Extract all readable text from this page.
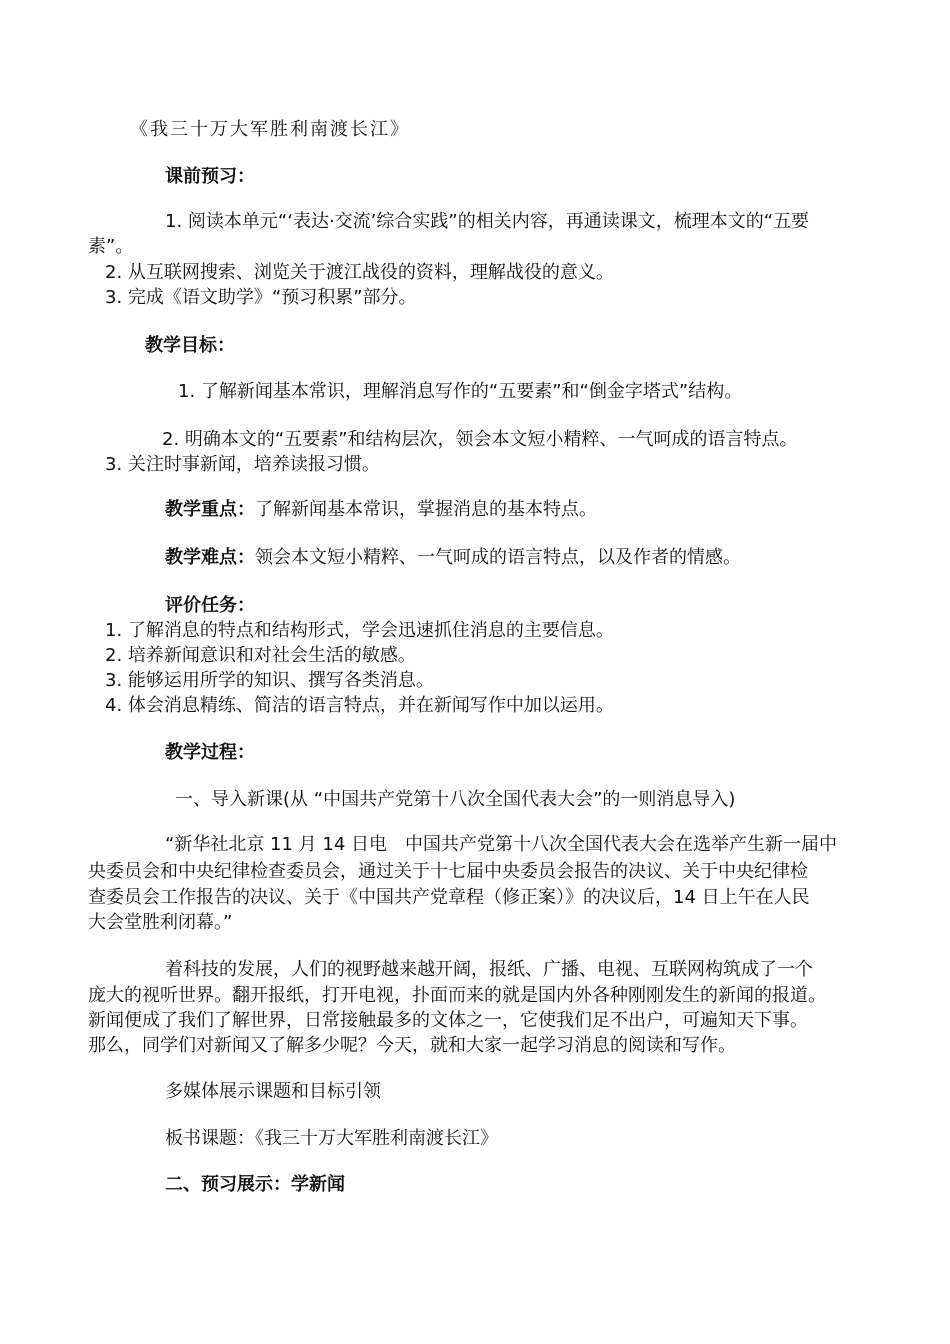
《我三十万大军胜利南渡长江》
课前预习：
1. 阅读本单元“‘表达·交流’综合实践”的相关内容，再通读课文，梳理本文的“五要
素”。
2. 从互联网搜索、浏览关于渡江战役的资料，理解战役的意义。
3. 完成《语文助学》“预习积累”部分。
教学目标：
1. 了解新闻基本常识，理解消息写作的“五要素”和“倒金字塔式”结构。
2. 明确本文的“五要素”和结构层次，领会本文短小精粹、一气呵成的语言特点。
3. 关注时事新闻，培养读报习惯。
教学重点：了解新闻基本常识，掌握消息的基本特点。
教学难点：领会本文短小精粹、一气呵成的语言特点，以及作者的情感。
评价任务：
1. 了解消息的特点和结构形式，学会迅速抓住消息的主要信息。
2. 培养新闻意识和对社会生活的敏感。
3. 能够运用所学的知识、撰写各类消息。
4. 体会消息精练、简洁的语言特点，并在新闻写作中加以运用。
教学过程：
一、导入新课(从 “中国共产党第十八次全国代表大会”的一则消息导入)
“新华社北京 11 月 14 日电　中国共产党第十八次全国代表大会在选举产生新一届中
央委员会和中央纪律检查委员会，通过关于十七届中央委员会报告的决议、关于中央纪律检
查委员会工作报告的决议、关于《中国共产党章程（修正案）》的决议后，14 日上午在人民
大会堂胜利闭幕。”
着科技的发展，人们的视野越来越开阔，报纸、广播、电视、互联网构筑成了一个
庞大的视听世界。翻开报纸，打开电视，扑面而来的就是国内外各种刚刚发生的新闻的报道。
新闻便成了我们了解世界，日常接触最多的文体之一，它使我们足不出户，可遍知天下事。
那么，同学们对新闻又了解多少呢？今天，就和大家一起学习消息的阅读和写作。
多媒体展示课题和目标引领
板书课题：《我三十万大军胜利南渡长江》
二、预习展示：学新闻
